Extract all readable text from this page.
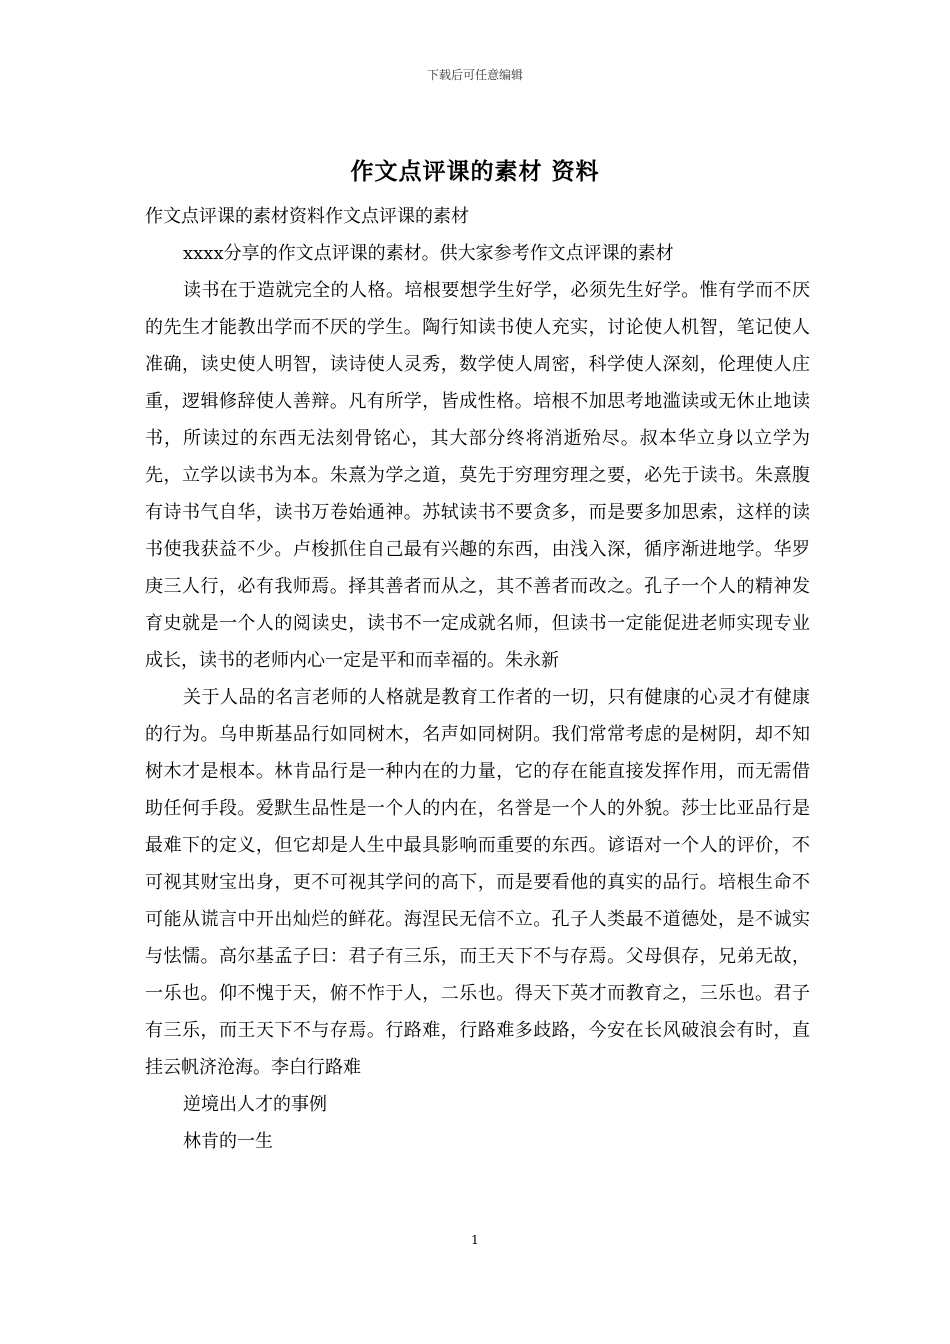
下载后可任意编辑
作文点评课的素材 资料

作文点评课的素材资料作文点评课的素材

xxxx分享的作文点评课的素材。供大家参考作文点评课的素材

读书在于造就完全的人格。培根要想学生好学，必须先生好学。惟有学而不厌的先生才能教出学而不厌的学生。陶行知读书使人充实，讨论使人机智，笔记使人准确，读史使人明智，读诗使人灵秀，数学使人周密，科学使人深刻，伦理使人庄重，逻辑修辞使人善辩。凡有所学，皆成性格。培根不加思考地滥读或无休止地读书，所读过的东西无法刻骨铭心，其大部分终将消逝殆尽。叔本华立身以立学为先，立学以读书为本。朱熹为学之道，莫先于穷理穷理之要，必先于读书。朱熹腹有诗书气自华，读书万卷始通神。苏轼读书不要贪多，而是要多加思索，这样的读书使我获益不少。卢梭抓住自己最有兴趣的东西，由浅入深，循序渐进地学。华罗庚三人行，必有我师焉。择其善者而从之，其不善者而改之。孔子一个人的精神发育史就是一个人的阅读史，读书不一定成就名师，但读书一定能促进老师实现专业成长，读书的老师内心一定是平和而幸福的。朱永新

关于人品的名言老师的人格就是教育工作者的一切，只有健康的心灵才有健康的行为。乌申斯基品行如同树木，名声如同树阴。我们常常考虑的是树阴，却不知树木才是根本。林肯品行是一种内在的力量，它的存在能直接发挥作用，而无需借助任何手段。爱默生品性是一个人的内在，名誉是一个人的外貌。莎士比亚品行是最难下的定义，但它却是人生中最具影响而重要的东西。谚语对一个人的评价，不可视其财宝出身，更不可视其学问的高下，而是要看他的真实的品行。培根生命不可能从谎言中开出灿烂的鲜花。海涅民无信不立。孔子人类最不道德处，是不诚实与怯懦。高尔基孟子曰：君子有三乐，而王天下不与存焉。父母俱存，兄弟无故，一乐也。仰不愧于天，俯不怍于人，二乐也。得天下英才而教育之，三乐也。君子有三乐，而王天下不与存焉。行路难，行路难多歧路，今安在长风破浪会有时，直挂云帆济沧海。李白行路难

逆境出人才的事例

林肯的一生

1
